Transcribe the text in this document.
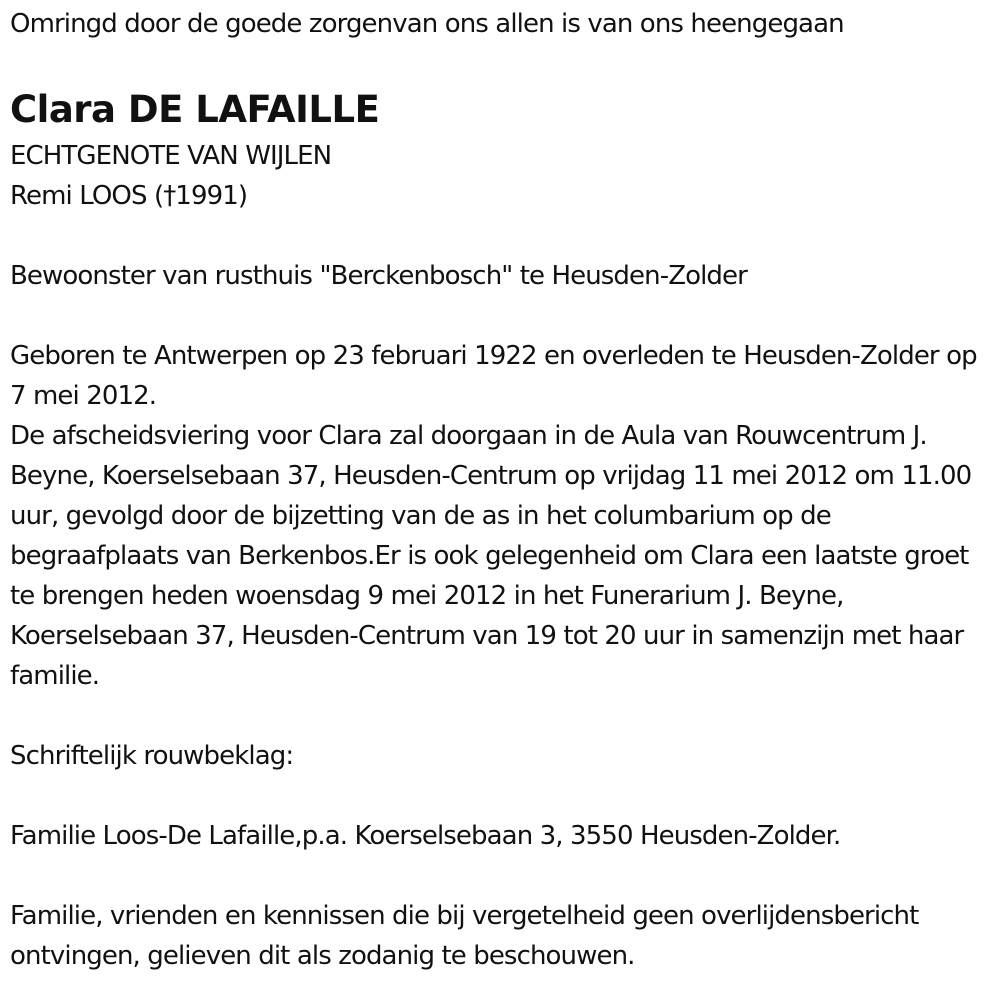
Omringd door de goede zorgenvan ons allen is van ons heengegaan

Clara DE LAFAILLE

ECHTGENOTE VAN WIJLEN

Remi LOOS (†1991)

Bewoonster van rusthuis "Berckenbosch" te Heusden-Zolder

Geboren te Antwerpen op 23 februari 1922 en overleden te Heusden-Zolder op 7 mei 2012.

De afscheidsviering voor Clara zal doorgaan in de Aula van Rouwcentrum J. Beyne, Koerselsebaan 37, Heusden-Centrum op vrijdag 11 mei 2012 om 11.00 uur, gevolgd door de bijzetting van de as in het columbarium op de begraafplaats van Berkenbos.Er is ook gelegenheid om Clara een laatste groet te brengen heden woensdag 9 mei 2012 in het Funerarium J. Beyne, Koerselsebaan 37, Heusden-Centrum van 19 tot 20 uur in samenzijn met haar familie.

Schriftelijk rouwbeklag:

Familie Loos-De Lafaille,p.a. Koerselsebaan 3, 3550 Heusden-Zolder.

Familie, vrienden en kennissen die bij vergetelheid geen overlijdensbericht ontvingen, gelieven dit als zodanig te beschouwen.
